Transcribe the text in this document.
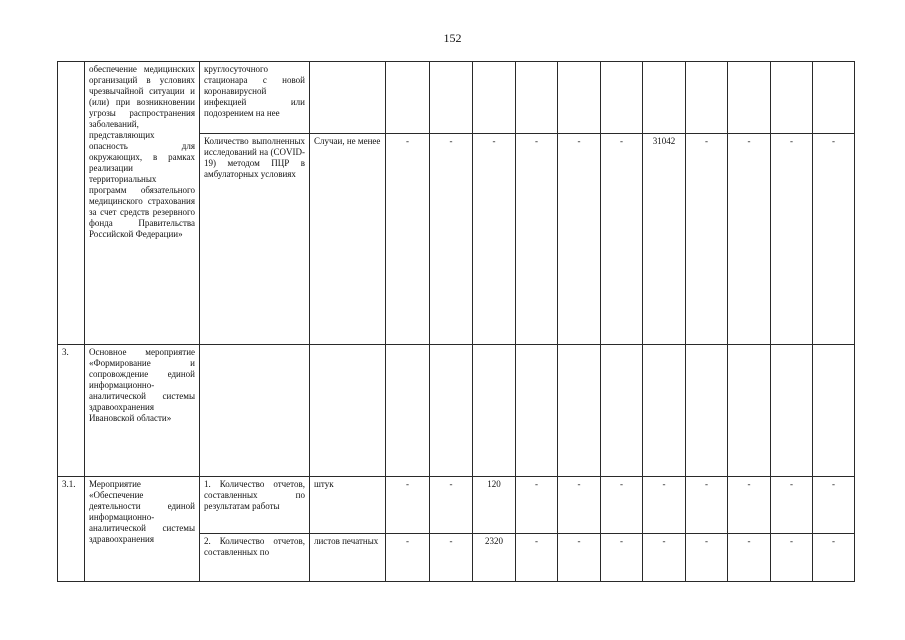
152
	обеспечение медицинских организаций в условиях чрезвычайной ситуации и (или) при возникновении угрозы распространения заболеваний, представляющих опасность для окружающих, в рамках реализации территориальных программ обязательного медицинского страхования за счет средств резервного фонда Правительства Российской Федерации»	круглосуточного стационара с новой коронавирусной инфекцией или подозрением на нее												
		Количество выполненных исследований на (COVID-19) методом ПЦР в амбулаторных условиях	Случаи, не менее	-	-	-	-	-	-	31042	-	-	-	-
3.	Основное мероприятие «Формирование и сопровождение единой информационно-аналитической системы здравоохранения Ивановской области»													
3.1.	Мероприятие «Обеспечение деятельности единой информационно-аналитической системы здравоохранения	1. Количество отчетов, составленных по результатам работы	штук	-	-	120	-	-	-	-	-	-	-	-
		2. Количество отчетов, составленных по	листов печатных	-	-	2320	-	-	-	-	-	-	-	-
